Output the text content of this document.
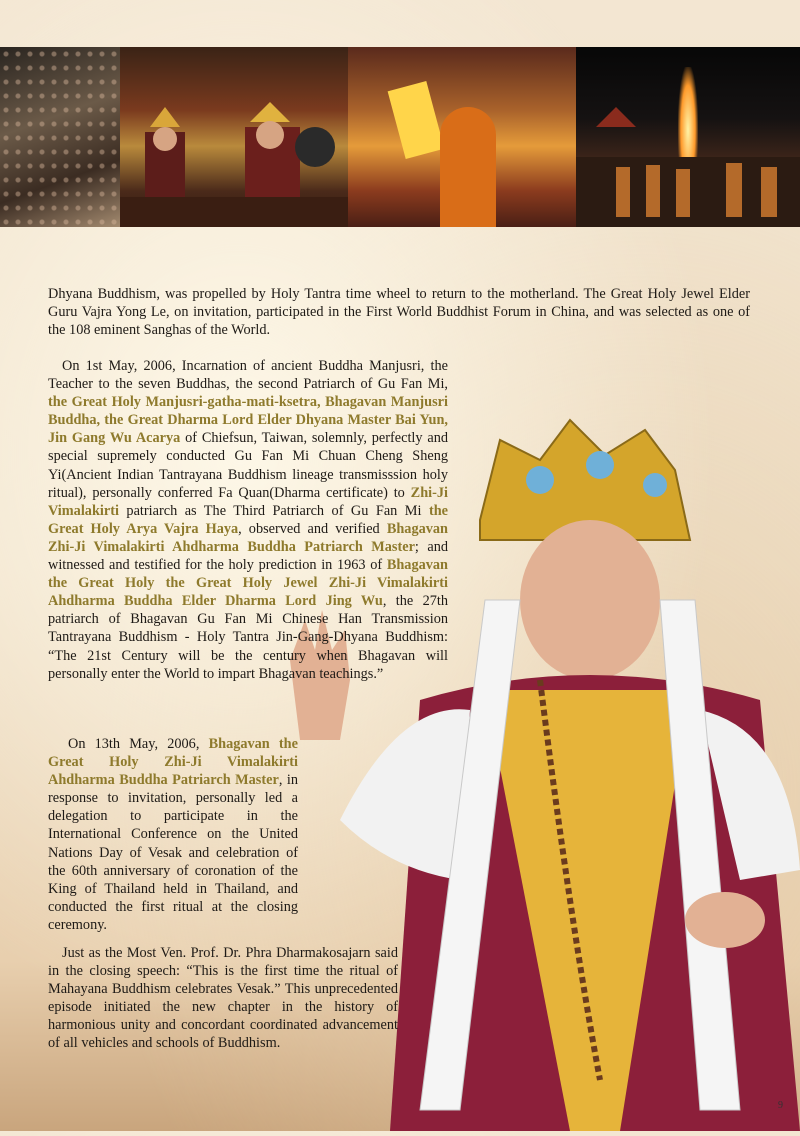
Dhyana Buddhism, was propelled by Holy Tantra time wheel to return to the motherland. The Great Holy Jewel Elder Guru Vajra Yong Le, on invitation, participated in the First World Buddhist Forum in China, and was selected as one of the 108 eminent Sanghas of the World.
On 1st May, 2006, Incarnation of ancient Buddha Manjusri, the Teacher to the seven Buddhas, the second Patriarch of Gu Fan Mi, the Great Holy Manjusri-gatha-mati-ksetra, Bhagavan Manjusri Buddha, the Great Dharma Lord Elder Dhyana Master Bai Yun, Jin Gang Wu Acarya of Chiefsun, Taiwan, solemnly, perfectly and special supremely conducted Gu Fan Mi Chuan Cheng Sheng Yi(Ancient Indian Tantrayana Buddhism lineage transmisssion holy ritual), personally conferred Fa Quan(Dharma certificate) to Zhi-Ji Vimalakirti patriarch as The Third Patriarch of Gu Fan Mi the Great Holy Arya Vajra Haya, observed and verified Bhagavan Zhi-Ji Vimalakirti Ahdharma Buddha Patriarch Master; and witnessed and testified for the holy prediction in 1963 of Bhagavan the Great Holy the Great Holy Jewel Zhi-Ji Vimalakirti Ahdharma Buddha Elder Dharma Lord Jing Wu, the 27th patriarch of Bhagavan Gu Fan Mi Chinese Han Transmission Tantrayana Buddhism - Holy Tantra Jin-Gang-Dhyana Buddhism: “The 21st Century will be the century when Bhagavan will personally enter the World to impart Bhagavan teachings.”
On 13th May, 2006, Bhagavan the Great Holy Zhi-Ji Vimalakirti Ahdharma Buddha Patriarch Master, in response to invitation, personally led a delegation to participate in the International Conference on the United Nations Day of Vesak and celebration of the 60th anniversary of coronation of the King of Thailand held in Thailand, and conducted the first ritual at the closing ceremony.
Just as the Most Ven. Prof. Dr. Phra Dharmakosajarn said in the closing speech: “This is the first time the ritual of Mahayana Buddhism celebrates Vesak.” This unprecedented episode initiated the new chapter in the history of harmonious unity and concordant coordinated advancement of all vehicles and schools of Buddhism.
9
